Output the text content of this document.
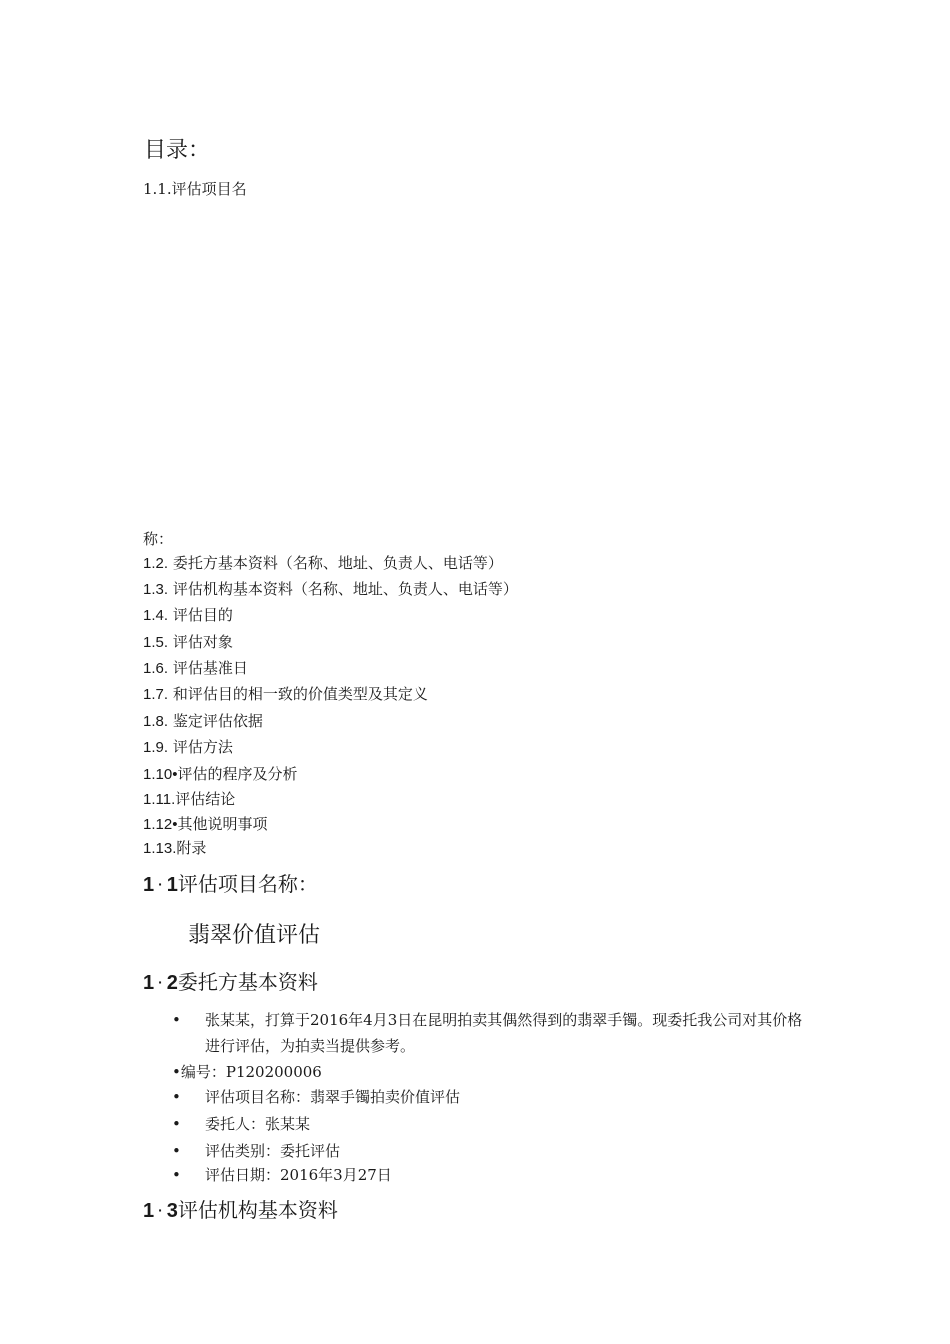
目录：
1.1.评估项目名
称：
1.2. 委托方基本资料（名称、地址、负责人、电话等）
1.3. 评估机构基本资料（名称、地址、负责人、电话等）
1.4. 评估目的
1.5. 评估对象
1.6. 评估基准日
1.7. 和评估目的相一致的价值类型及其定义
1.8. 鉴定评估依据
1.9. 评估方法
1.10•评估的程序及分析
1.11.评估结论
1.12•其他说明事项
1.13.附录
1 · 1评估项目名称：
翡翠价值评估
1 · 2委托方基本资料
• 张某某，打算于2016年4月3日在昆明拍卖其偶然得到的翡翠手镯。现委托我公司对其价格进行评估，为拍卖当提供参考。
•编号：P120200006
• 评估项目名称：翡翠手镯拍卖价值评估
• 委托人：张某某
• 评估类别：委托评估
• 评估日期：2016年3月27日
1 · 3评估机构基本资料
